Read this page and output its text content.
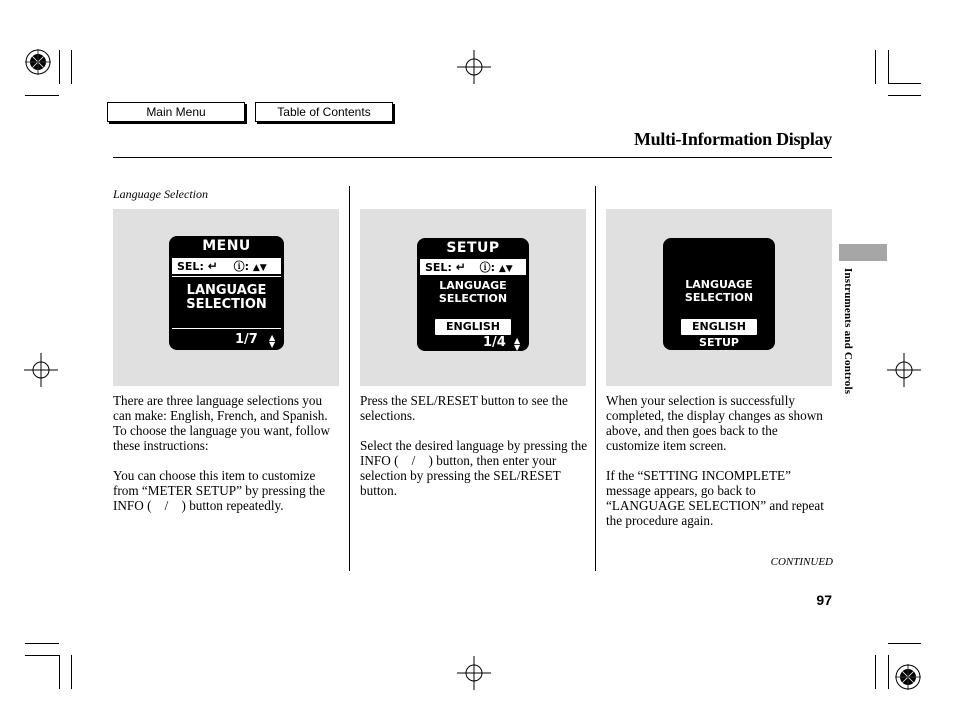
Main Menu	Table of Contents
Multi-Information Display
Language Selection
Instruments and Controls
MENU
SEL: ↵ ⓘ: ▲▼
LANGUAGE
SELECTION
1/7 ▲
▼
SETUP
SEL: ↵ ⓘ: ▲▼
LANGUAGE
SELECTION
ENGLISH
1/4 ▲
▼
LANGUAGE
SELECTION
ENGLISH
SETUP

There are three language selections you can make: English, French, and Spanish. To choose the language you want, follow these instructions:

You can choose this item to customize from “METER SETUP” by pressing the INFO ( / ) button repeatedly.

Press the SEL/RESET button to see the selections.

Select the desired language by pressing the INFO ( / ) button, then enter your selection by pressing the SEL/RESET button.

When your selection is successfully completed, the display changes as shown above, and then goes back to the customize item screen.

If the “SETTING INCOMPLETE” message appears, go back to “LANGUAGE SELECTION” and repeat the procedure again.

CONTINUED
97
